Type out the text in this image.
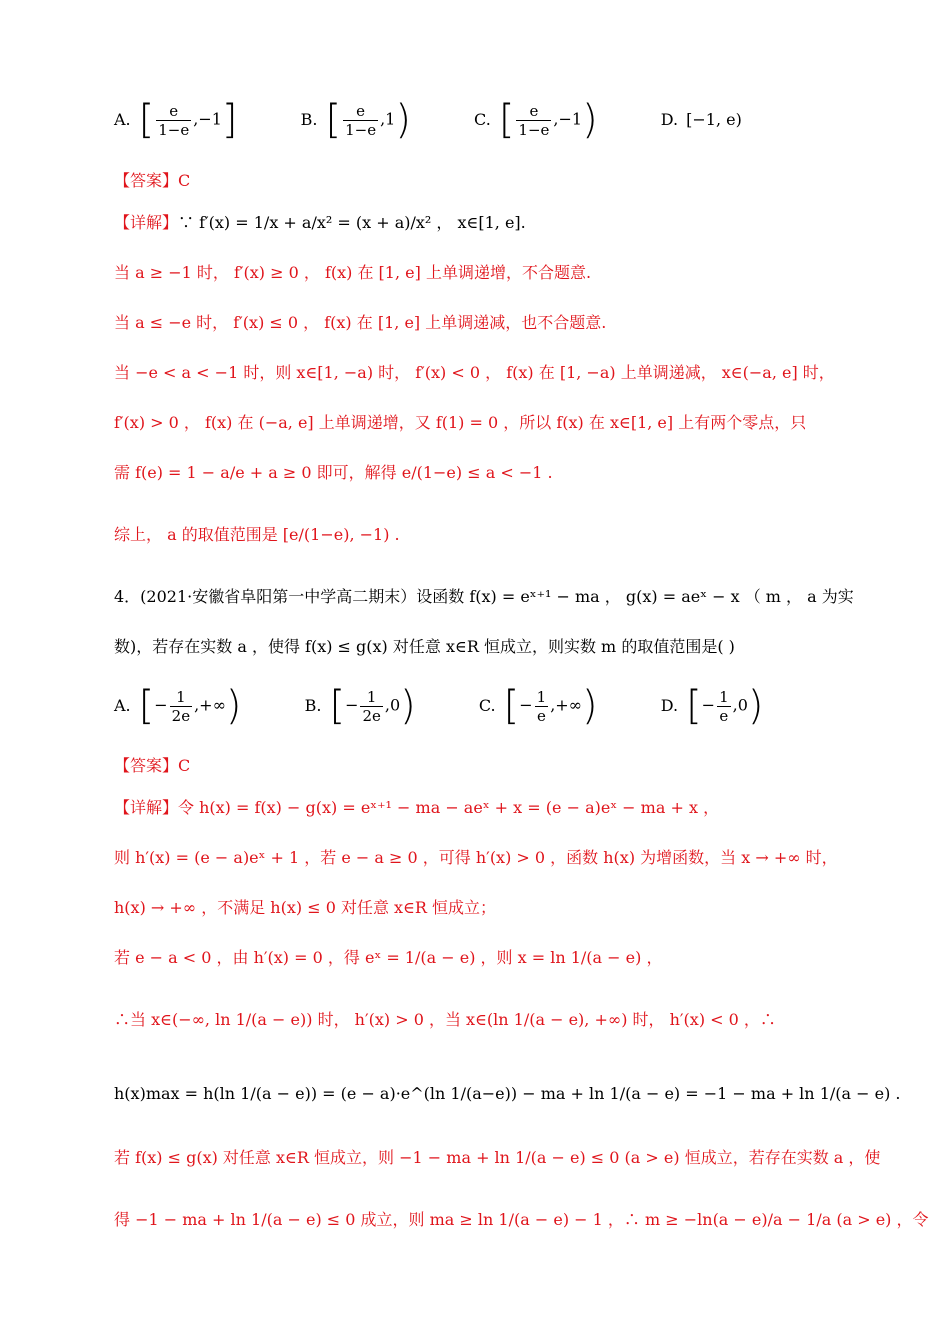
A. [ $\frac{e}{1-e} ,-1$]	B. [ $\frac{e}{1-e} ,1$)	C. [ $\frac{e}{1-e} ,-1$)	D. [−1, e)
【答案】C
【详解】∵ f′(x) = 1/x + a/x² = (x + a)/x² ， x∈[1, e].
当 a ≥ −1 时， f′(x) ≥ 0 ， f(x) 在 [1, e] 上单调递增，不合题意.
当 a ≤ −e 时， f′(x) ≤ 0 ， f(x) 在 [1, e] 上单调递减，也不合题意.
当 −e < a < −1 时，则 x∈[1, −a) 时， f′(x) < 0 ， f(x) 在 [1, −a) 上单调递减， x∈(−a, e] 时，
f′(x) > 0 ， f(x) 在 (−a, e] 上单调递增，又 f(1) = 0 ，所以 f(x) 在 x∈[1, e] 上有两个零点，只
需 f(e) = 1 − a/e + a ≥ 0 即可，解得 e/(1−e) ≤ a < −1 .
综上， a 的取值范围是 [e/(1−e), −1) .
4．(2021·安徽省阜阳第一中学高二期末）设函数 f(x) = eˣ⁺¹ − ma ， g(x) = aeˣ − x （ m ， a 为实
数)，若存在实数 a ，使得 f(x) ≤ g(x) 对任意 x∈R 恒成立，则实数 m 的取值范围是( )
A. [− $\frac{1}{2e}$ ,+∞)	B. [− $\frac{1}{2e} ,0$)	C. [− $\frac{1}{e}$ ,+∞)	D. [− $\frac{1}{e} ,0$)
【答案】C
【详解】令 h(x) = f(x) − g(x) = eˣ⁺¹ − ma − aeˣ + x = (e − a)eˣ − ma + x ，
则 h′(x) = (e − a)eˣ + 1 ，若 e − a ≥ 0 ，可得 h′(x) > 0 ，函数 h(x) 为增函数，当 x → +∞ 时，
h(x) → +∞ ，不满足 h(x) ≤ 0 对任意 x∈R 恒成立；
若 e − a < 0 ，由 h′(x) = 0 ，得 eˣ = 1/(a − e) ，则 x = ln 1/(a − e) ，
∴当 x∈(−∞, ln 1/(a − e)) 时， h′(x) > 0 ，当 x∈(ln 1/(a − e), +∞) 时， h′(x) < 0 ，∴
h(x)max = h(ln 1/(a − e)) = (e − a)·e^(ln 1/(a−e)) − ma + ln 1/(a − e) = −1 − ma + ln 1/(a − e) .
若 f(x) ≤ g(x) 对任意 x∈R 恒成立，则 −1 − ma + ln 1/(a − e) ≤ 0 (a > e) 恒成立，若存在实数 a ，使
得 −1 − ma + ln 1/(a − e) ≤ 0 成立，则 ma ≥ ln 1/(a − e) − 1 ，∴ m ≥ −ln(a − e)/a − 1/a (a > e) ，令
